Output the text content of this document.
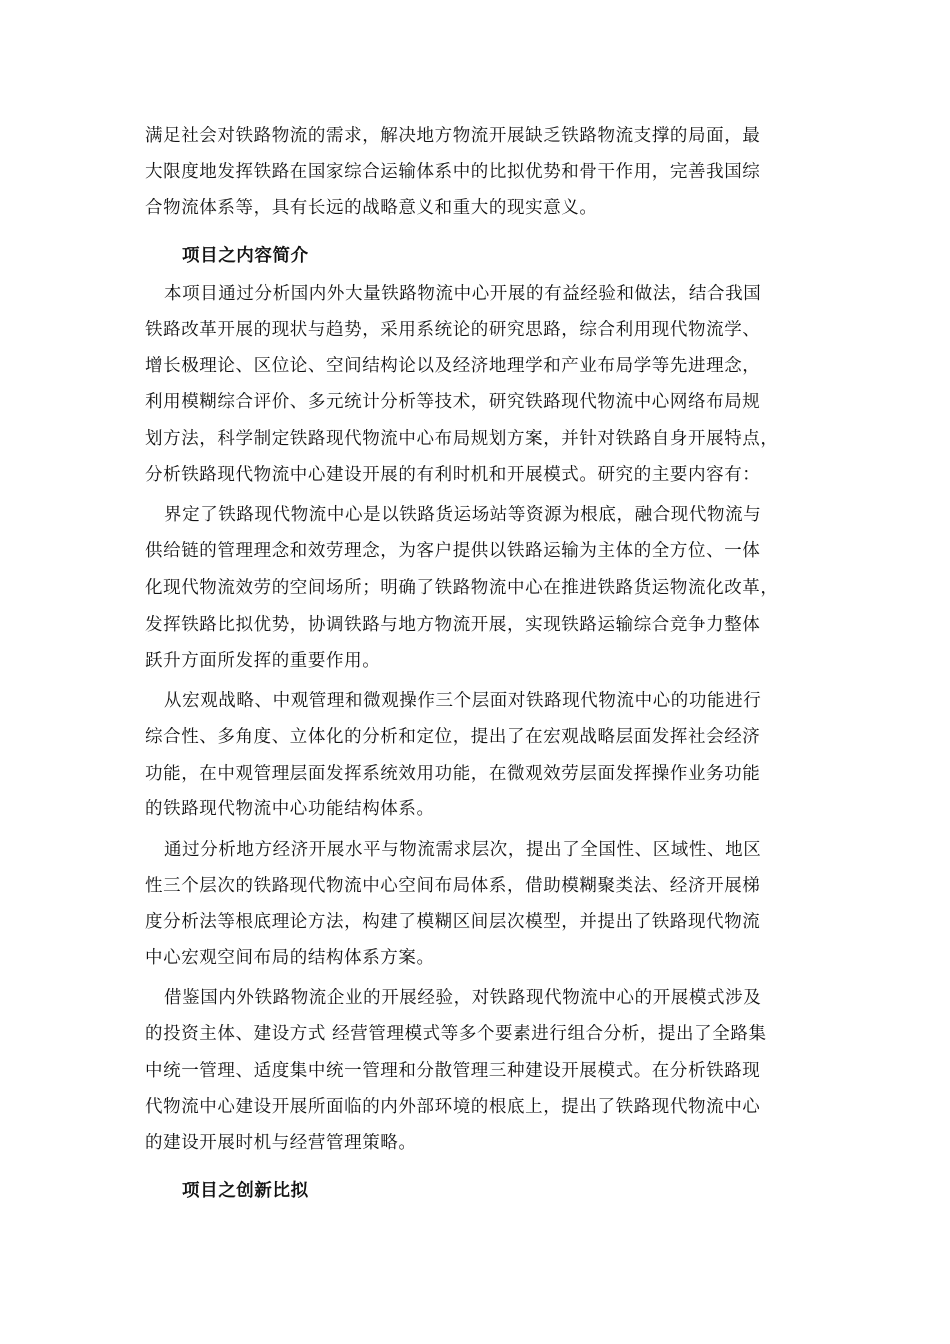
满足社会对铁路物流的需求，解决地方物流开展缺乏铁路物流支撑的局面，最
大限度地发挥铁路在国家综合运输体系中的比拟优势和骨干作用，完善我国综
合物流体系等，具有长远的战略意义和重大的现实意义。
项目之内容简介
本项目通过分析国内外大量铁路物流中心开展的有益经验和做法，结合我国
铁路改革开展的现状与趋势，采用系统论的研究思路，综合利用现代物流学、
增长极理论、区位论、空间结构论以及经济地理学和产业布局学等先进理念，
利用模糊综合评价、多元统计分析等技术，研究铁路现代物流中心网络布局规
划方法，科学制定铁路现代物流中心布局规划方案，并针对铁路自身开展特点，
分析铁路现代物流中心建设开展的有利时机和开展模式。研究的主要内容有：
界定了铁路现代物流中心是以铁路货运场站等资源为根底，融合现代物流与
供给链的管理理念和效劳理念，为客户提供以铁路运输为主体的全方位、一体
化现代物流效劳的空间场所；明确了铁路物流中心在推进铁路货运物流化改革，
发挥铁路比拟优势，协调铁路与地方物流开展，实现铁路运输综合竞争力整体
跃升方面所发挥的重要作用。
从宏观战略、中观管理和微观操作三个层面对铁路现代物流中心的功能进行
综合性、多角度、立体化的分析和定位，提出了在宏观战略层面发挥社会经济
功能，在中观管理层面发挥系统效用功能，在微观效劳层面发挥操作业务功能
的铁路现代物流中心功能结构体系。
通过分析地方经济开展水平与物流需求层次，提出了全国性、区域性、地区
性三个层次的铁路现代物流中心空间布局体系，借助模糊聚类法、经济开展梯
度分析法等根底理论方法，构建了模糊区间层次模型，并提出了铁路现代物流
中心宏观空间布局的结构体系方案。
借鉴国内外铁路物流企业的开展经验，对铁路现代物流中心的开展模式涉及
的投资主体、建设方式 经营管理模式等多个要素进行组合分析，提出了全路集
中统一管理、适度集中统一管理和分散管理三种建设开展模式。在分析铁路现
代物流中心建设开展所面临的内外部环境的根底上，提出了铁路现代物流中心
的建设开展时机与经营管理策略。
项目之创新比拟
